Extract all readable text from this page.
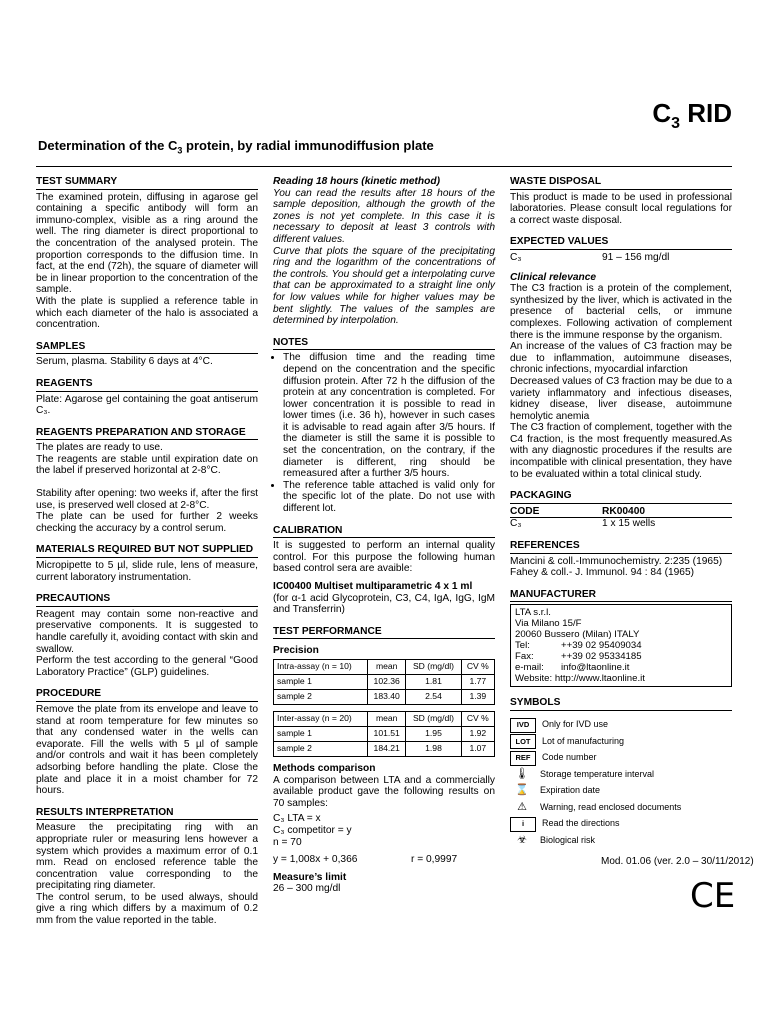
$C_3$ RID
Determination of the $C_3$ protein, by radial immunodiffusion plate
TEST SUMMARY

The examined protein, diffusing in agarose gel containing a specific antibody will form an immuno-complex, visible as a ring around the well. The ring diameter is direct proportional to the concentration of the analysed protein. The proportion corresponds to the diffusion time. In fact, at the end (72h), the square of diameter will be in linear proportion to the concentration of the sample.

With the plate is supplied a reference table in which each diameter of the halo is associated a concentration.

SAMPLES

Serum, plasma. Stability 6 days at 4°C.

REAGENTS

Plate: Agarose gel containing the goat antiserum C₃.

REAGENTS PREPARATION AND STORAGE

The plates are ready to use.

The reagents are stable until expiration date on the label if preserved horizontal at 2-8°C.

Stability after opening: two weeks if, after the first use, is preserved well closed at 2-8°C.

The plate can be used for further 2 weeks checking the accuracy by a control serum.

MATERIALS REQUIRED BUT NOT SUPPLIED

Micropipette to 5 µl, slide rule, lens of measure, current laboratory instrumentation.

PRECAUTIONS

Reagent may contain some non-reactive and preservative components. It is suggested to handle carefully it, avoiding contact with skin and swallow.

Perform the test according to the general “Good Laboratory Practice” (GLP) guidelines.

PROCEDURE

Remove the plate from its envelope and leave to stand at room temperature for few minutes so that any condensed water in the wells can evaporate. Fill the wells with 5 µl of sample and/or controls and wait it has been completely adsorbing before handling the plate. Close the plate and place it in a moist chamber for 72 hours.

RESULTS INTERPRETATION

Measure the precipitating ring with an appropriate ruler or measuring lens however a system which provides a maximum error of 0.1 mm. Read on enclosed reference table the concentration value corresponding to the precipitating ring diameter.

The control serum, to be used always, should give a ring which differs by a maximum of 0.2 mm from the value reported in the table.

Reading 18 hours (kinetic method)

You can read the results after 18 hours of the sample deposition, although the growth of the zones is not yet complete. In this case it is necessary to deposit at least 3 controls with different values.

Curve that plots the square of the precipitating ring and the logarithm of the concentrations of the controls. You should get a interpolating curve that can be approximated to a straight line only for low values while for higher values may be bent slightly. The values of the samples are determined by interpolation.

NOTES
• The diffusion time and the reading time depend on the concentration and the specific diffusion protein. After 72 h the diffusion of the protein at any concentration is completed. For lower concentration it is possible to read in lower times (i.e. 36 h), however in such cases it is advisable to read again after 3/5 hours. If the diameter is still the same it is possible to set the concentration, on the contrary, if the diameter is different, ring should be remeasured after a further 3/5 hours.
• The reference table attached is valid only for the specific lot of the plate. Do not use with different lot.
CALIBRATION

It is suggested to perform an internal quality control. For this purpose the following human based control sera are avaible:

IC00400 Multiset multiparametric 4 x 1 ml

(for α-1 acid Glycoprotein, C3, C4, IgA, IgG, IgM and Transferrin)

TEST PERFORMANCE

Precision

Intra-assay (n = 10)	mean	SD (mg/dl)	CV %
sample 1	102.36	1.81	1.77
sample 2	183.40	2.54	1.39
Inter-assay (n = 20)	mean	SD (mg/dl)	CV %
sample 1	101.51	1.95	1.92
sample 2	184.21	1.98	1.07

Methods comparison

A comparison between LTA and a commercially available product gave the following results on 70 samples:

C₃ LTA = x

C₃ competitor = y

n = 70

y = 1,008x + 0,366	r = 0,9997

Measure’s limit

26 – 300 mg/dl

WASTE DISPOSAL

This product is made to be used in professional laboratories. Please consult local regulations for a correct waste disposal.

EXPECTED VALUES

C₃	91 – 156 mg/dl

Clinical relevance

The C3 fraction is a protein of the complement, synthesized by the liver, which is activated in the presence of bacterial cells, or immune complexes. Following activation of complement there is the immune response by the organism.

An increase of the values of C3 fraction may be due to inflammation, autoimmune diseases, chronic infections, myocardial infarction

Decreased values of C3 fraction may be due to a variety inflammatory and infectious diseases, kidney disease, liver disease, autoimmune hemolytic anemia

The C3 fraction of complement, together with the C4 fraction, is the most frequently measured.As with any diagnostic procedures if the results are incompatible with clinical presentation, they have to be evaluated within a total clinical study.

PACKAGING
CODE	RK00400
C₃	1 x 15 wells
REFERENCES

Mancini & coll.-Immunochemistry. 2:235 (1965)

Fahey & coll.- J. Immunol. 94 : 84 (1965)

MANUFACTURER
LTA s.r.l.
Via Milano 15/F
20060 Bussero (Milan) ITALY
Tel:	++39 02 95409034
Fax:	++39 02 95334185
e-mail:	info@ltaonline.it
Website: http://www.ltaonline.it
SYMBOLS
IVD	Only for IVD use
LOT	Lot of manufacturing
REF	Code number
🌡	Storage temperature interval
⌛	Expiration date
⚠	Warning, read enclosed documents
i	Read the directions
☣	Biological risk
Mod. 01.06 (ver. 2.0 – 30/11/2012)
CE
